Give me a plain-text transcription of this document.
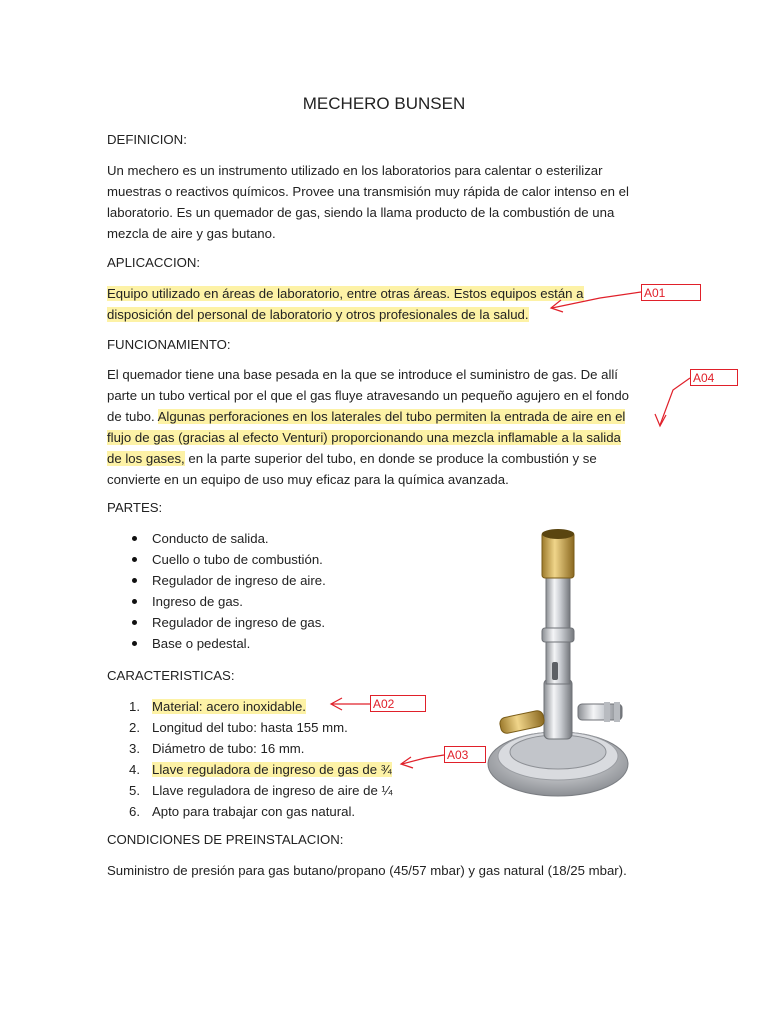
MECHERO BUNSEN
DEFINICION:
Un mechero es un instrumento utilizado en los laboratorios para calentar o esterilizar
muestras o reactivos químicos. Provee una transmisión muy rápida de calor intenso en el
laboratorio. Es un quemador de gas, siendo la llama producto de la combustión de una
mezcla de aire y gas butano.
APLICACCION:
Equipo utilizado en áreas de laboratorio, entre otras áreas. Estos equipos están a
disposición del personal de laboratorio y otros profesionales de la salud.
FUNCIONAMIENTO:
El quemador tiene una base pesada en la que se introduce el suministro de gas. De allí
parte un tubo vertical por el que el gas fluye atravesando un pequeño agujero en el fondo
de tubo. Algunas perforaciones en los laterales del tubo permiten la entrada de aire en el
flujo de gas (gracias al efecto Venturi) proporcionando una mezcla inflamable a la salida
de los gases, en la parte superior del tubo, en donde se produce la combustión y se
convierte en un equipo de uso muy eficaz para la química avanzada.
PARTES:
Conducto de salida.
Cuello o tubo de combustión.
Regulador de ingreso de aire.
Ingreso de gas.
Regulador de ingreso de gas.
Base o pedestal.
CARACTERISTICAS:
1. Material: acero inoxidable.
2. Longitud del tubo: hasta 155 mm.
3. Diámetro de tubo: 16 mm.
4. Llave reguladora de ingreso de gas de ¾
5. Llave reguladora de ingreso de aire de ¼
6. Apto para trabajar con gas natural.
CONDICIONES DE PREINSTALACION:
Suministro de presión para gas butano/propano (45/57 mbar) y gas natural (18/25 mbar).
A01
A04
A02
A03
